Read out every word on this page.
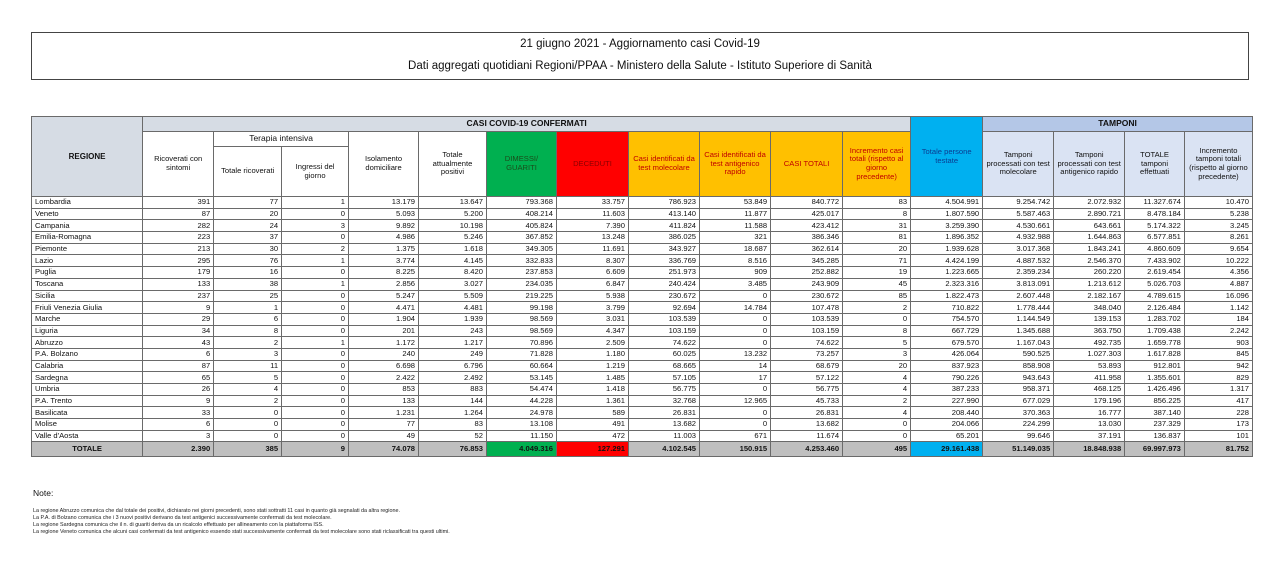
21 giugno 2021 - Aggiornamento casi Covid-19
Dati aggregati quotidiani Regioni/PPAA - Ministero della Salute - Istituto Superiore di Sanità
REGIONE	CASI COVID-19 CONFERMATI											Totale persone testate	TAMPONI			
	Ricoverati con sintomi	Terapia intensiva		Isolamento domiciliare	Totale attualmente positivi	DIMESSI/ GUARITI	DECEDUTI	Casi identificati da test molecolare	Casi identificati da test antigenico rapido	CASI TOTALI	Incremento casi totali (rispetto al giorno precedente)		Tamponi processati con test molecolare	Tamponi processati con test antigenico rapido	TOTALE tamponi effettuati	Incremento tamponi totali (rispetto al giorno precedente)
		Totale ricoverati	Ingressi del giorno													
Lombardia	391	77	1	13.179	13.647	793.368	33.757	786.923	53.849	840.772	83	4.504.991	9.254.742	2.072.932	11.327.674	10.470
Veneto	87	20	0	5.093	5.200	408.214	11.603	413.140	11.877	425.017	8	1.807.590	5.587.463	2.890.721	8.478.184	5.238
Campania	282	24	3	9.892	10.198	405.824	7.390	411.824	11.588	423.412	31	3.259.390	4.530.661	643.661	5.174.322	3.245
Emilia-Romagna	223	37	0	4.986	5.246	367.852	13.248	386.025	321	386.346	81	1.896.352	4.932.988	1.644.863	6.577.851	8.261
Piemonte	213	30	2	1.375	1.618	349.305	11.691	343.927	18.687	362.614	20	1.939.628	3.017.368	1.843.241	4.860.609	9.654
Lazio	295	76	1	3.774	4.145	332.833	8.307	336.769	8.516	345.285	71	4.424.199	4.887.532	2.546.370	7.433.902	10.222
Puglia	179	16	0	8.225	8.420	237.853	6.609	251.973	909	252.882	19	1.223.665	2.359.234	260.220	2.619.454	4.356
Toscana	133	38	1	2.856	3.027	234.035	6.847	240.424	3.485	243.909	45	2.323.316	3.813.091	1.213.612	5.026.703	4.887
Sicilia	237	25	0	5.247	5.509	219.225	5.938	230.672	0	230.672	85	1.822.473	2.607.448	2.182.167	4.789.615	16.096
Friuli Venezia Giulia	9	1	0	4.471	4.481	99.198	3.799	92.694	14.784	107.478	2	710.822	1.778.444	348.040	2.126.484	1.142
Marche	29	6	0	1.904	1.939	98.569	3.031	103.539	0	103.539	0	754.570	1.144.549	139.153	1.283.702	184
Liguria	34	8	0	201	243	98.569	4.347	103.159	0	103.159	8	667.729	1.345.688	363.750	1.709.438	2.242
Abruzzo	43	2	1	1.172	1.217	70.896	2.509	74.622	0	74.622	5	679.570	1.167.043	492.735	1.659.778	903
P.A. Bolzano	6	3	0	240	249	71.828	1.180	60.025	13.232	73.257	3	426.064	590.525	1.027.303	1.617.828	845
Calabria	87	11	0	6.698	6.796	60.664	1.219	68.665	14	68.679	20	837.923	858.908	53.893	912.801	942
Sardegna	65	5	0	2.422	2.492	53.145	1.485	57.105	17	57.122	4	790.226	943.643	411.958	1.355.601	829
Umbria	26	4	0	853	883	54.474	1.418	56.775	0	56.775	4	387.233	958.371	468.125	1.426.496	1.317
P.A. Trento	9	2	0	133	144	44.228	1.361	32.768	12.965	45.733	2	227.990	677.029	179.196	856.225	417
Basilicata	33	0	0	1.231	1.264	24.978	589	26.831	0	26.831	4	208.440	370.363	16.777	387.140	228
Molise	6	0	0	77	83	13.108	491	13.682	0	13.682	0	204.066	224.299	13.030	237.329	173
Valle d'Aosta	3	0	0	49	52	11.150	472	11.003	671	11.674	0	65.201	99.646	37.191	136.837	101
TOTALE	2.390	385	9	74.078	76.853	4.049.316	127.291	4.102.545	150.915	4.253.460	495	29.161.438	51.149.035	18.848.938	69.997.973	81.752
Note:
La regione Abruzzo comunica che dal totale dei positivi, dichiarato nei giorni precedenti, sono stati sottratti 11 casi in quanto già segnalati da altra regione.
La P.A. di Bolzano comunica che i 3 nuovi positivi derivano da test antigenici successivamente confermati da test molecolare.
La regione Sardegna comunica che il n. di guariti deriva da un ricalcolo effettuato per allineamento con la piattaforma ISS.
La regione Veneto comunica che alcuni casi confermati da test antigenico essendo stati successivamente confermati da test molecolare sono stati riclassificati tra questi ultimi.
